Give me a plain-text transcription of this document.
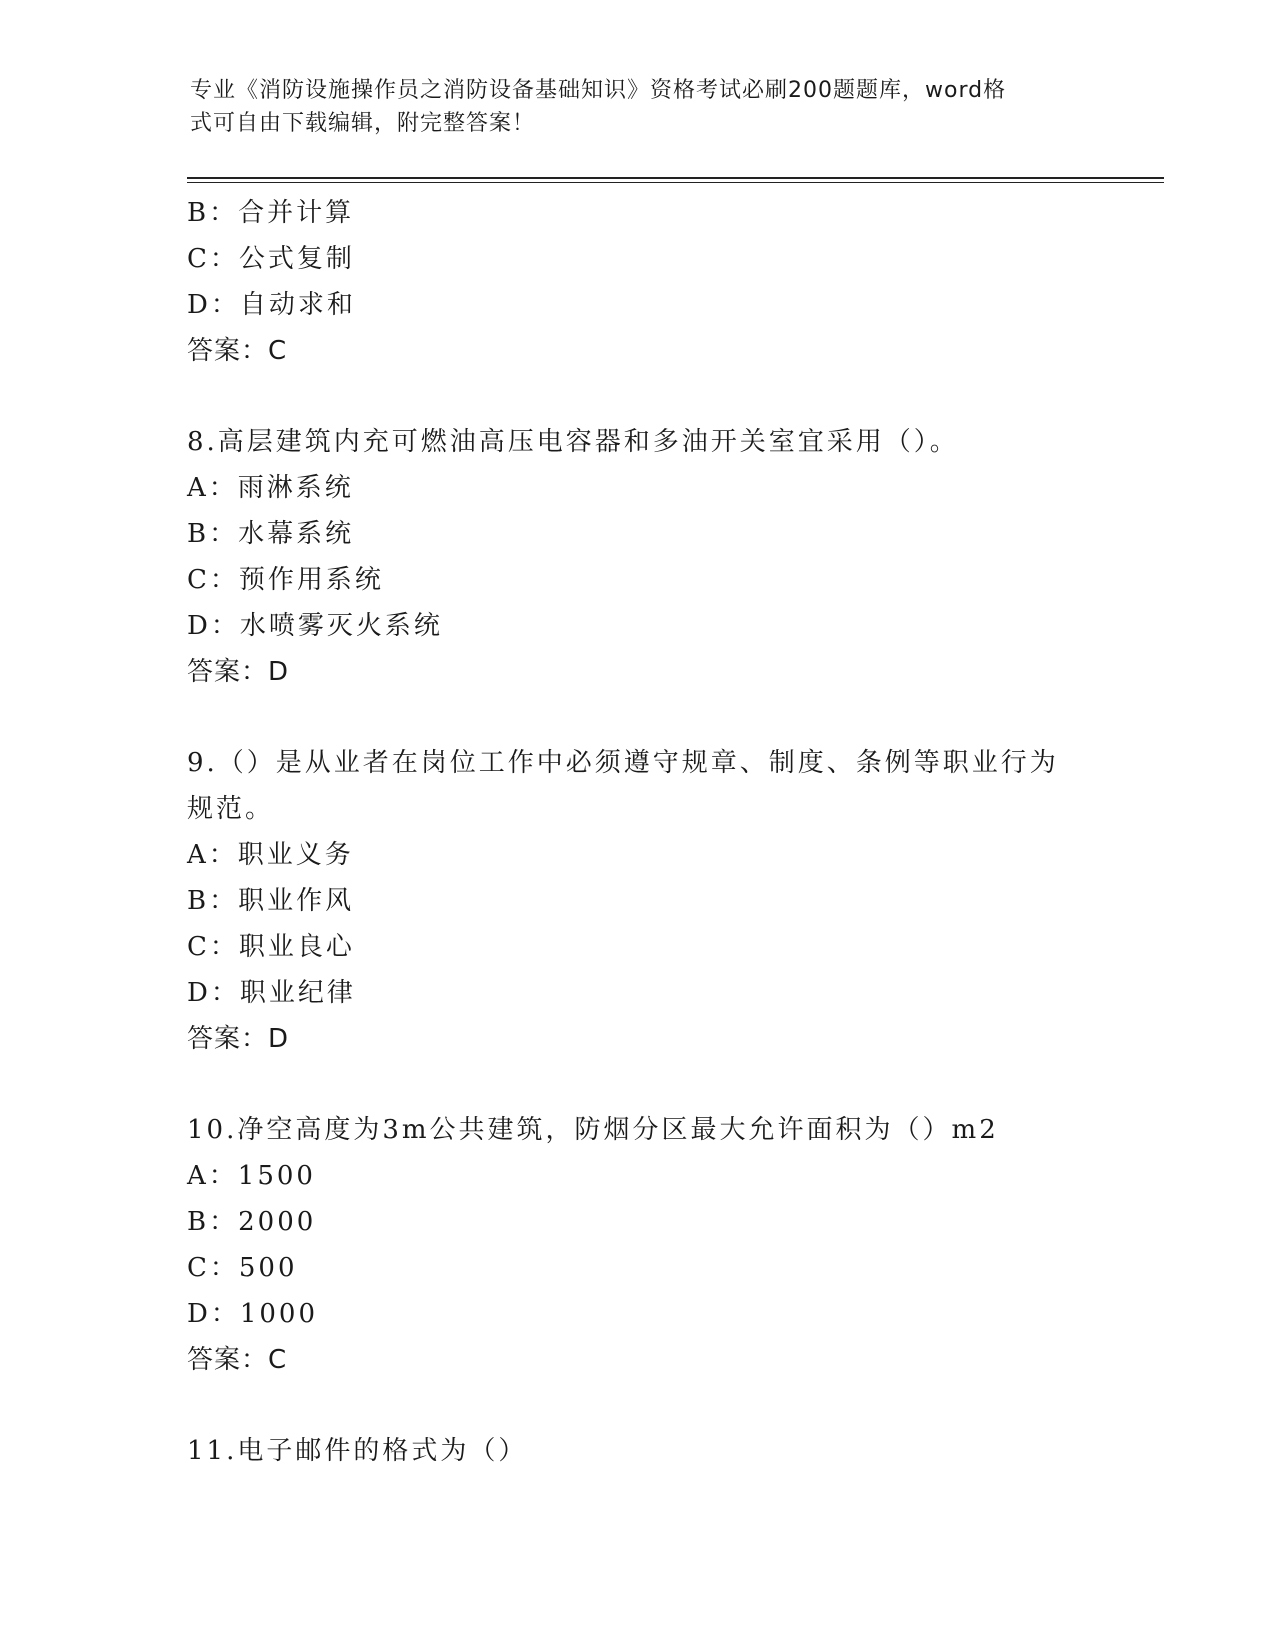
专业《消防设施操作员之消防设备基础知识》资格考试必刷200题题库，word格
式可自由下载编辑，附完整答案！
B：合并计算
C：公式复制
D：自动求和
答案：C
8.高层建筑内充可燃油高压电容器和多油开关室宜采用（）。
A：雨淋系统
B：水幕系统
C：预作用系统
D：水喷雾灭火系统
答案：D
9.（）是从业者在岗位工作中必须遵守规章、制度、条例等职业行为
规范。
A：职业义务
B：职业作风
C：职业良心
D：职业纪律
答案：D
10.净空高度为3m公共建筑，防烟分区最大允许面积为（）m2
A：1500
B：2000
C：500
D：1000
答案：C
11.电子邮件的格式为（）
